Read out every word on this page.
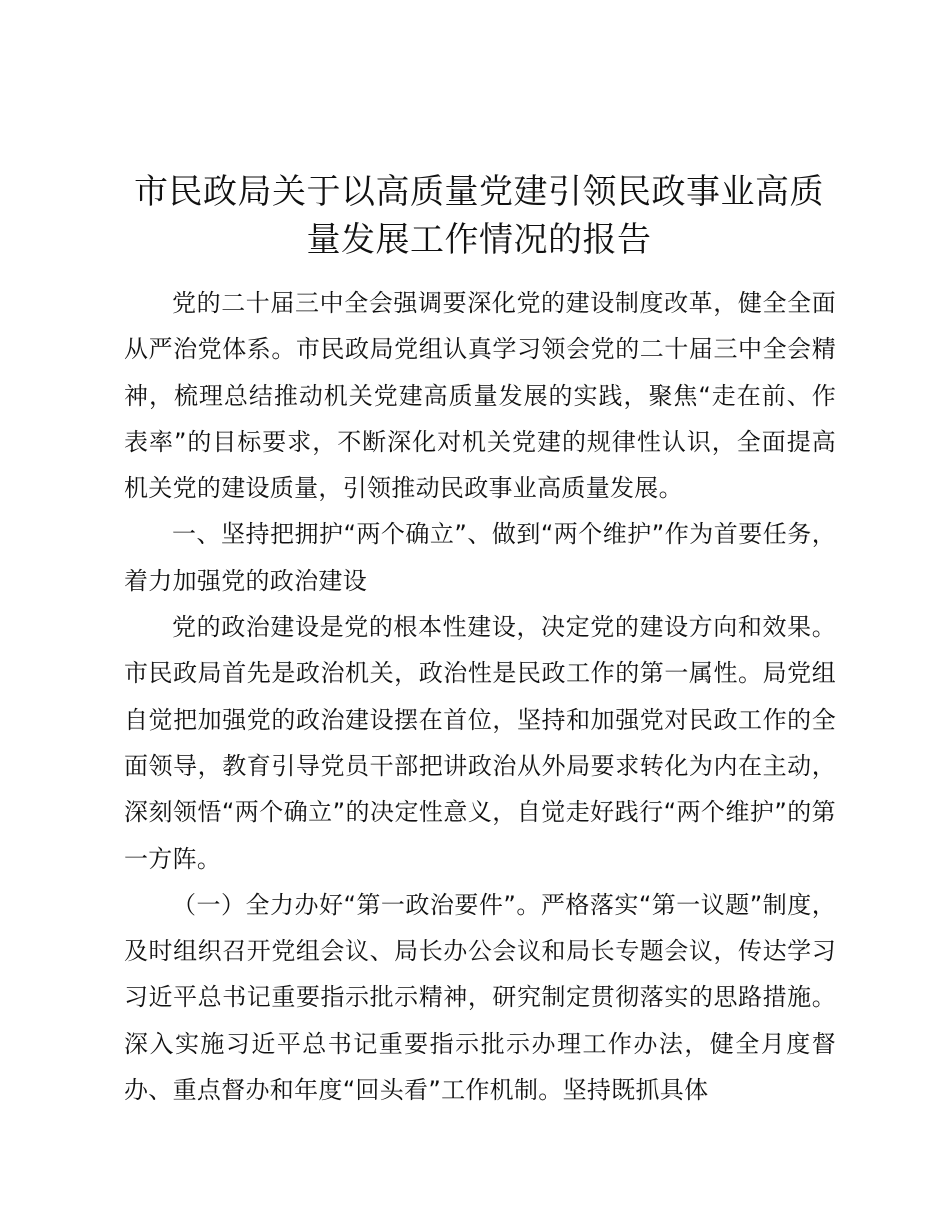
市民政局关于以高质量党建引领民政事业高质量发展工作情况的报告

党的二十届三中全会强调要深化党的建设制度改革，健全全面从严治党体系。市民政局党组认真学习领会党的二十届三中全会精神，梳理总结推动机关党建高质量发展的实践，聚焦“走在前、作表率”的目标要求，不断深化对机关党建的规律性认识，全面提高机关党的建设质量，引领推动民政事业高质量发展。

一、坚持把拥护“两个确立”、做到“两个维护”作为首要任务，着力加强党的政治建设

党的政治建设是党的根本性建设，决定党的建设方向和效果。市民政局首先是政治机关，政治性是民政工作的第一属性。局党组自觉把加强党的政治建设摆在首位，坚持和加强党对民政工作的全面领导，教育引导党员干部把讲政治从外局要求转化为内在主动，深刻领悟“两个确立”的决定性意义，自觉走好践行“两个维护”的第一方阵。

（一）全力办好“第一政治要件”。严格落实“第一议题”制度，及时组织召开党组会议、局长办公会议和局长专题会议，传达学习习近平总书记重要指示批示精神，研究制定贯彻落实的思路措施。深入实施习近平总书记重要指示批示办理工作办法，健全月度督办、重点督办和年度“回头看”工作机制。坚持既抓具体
